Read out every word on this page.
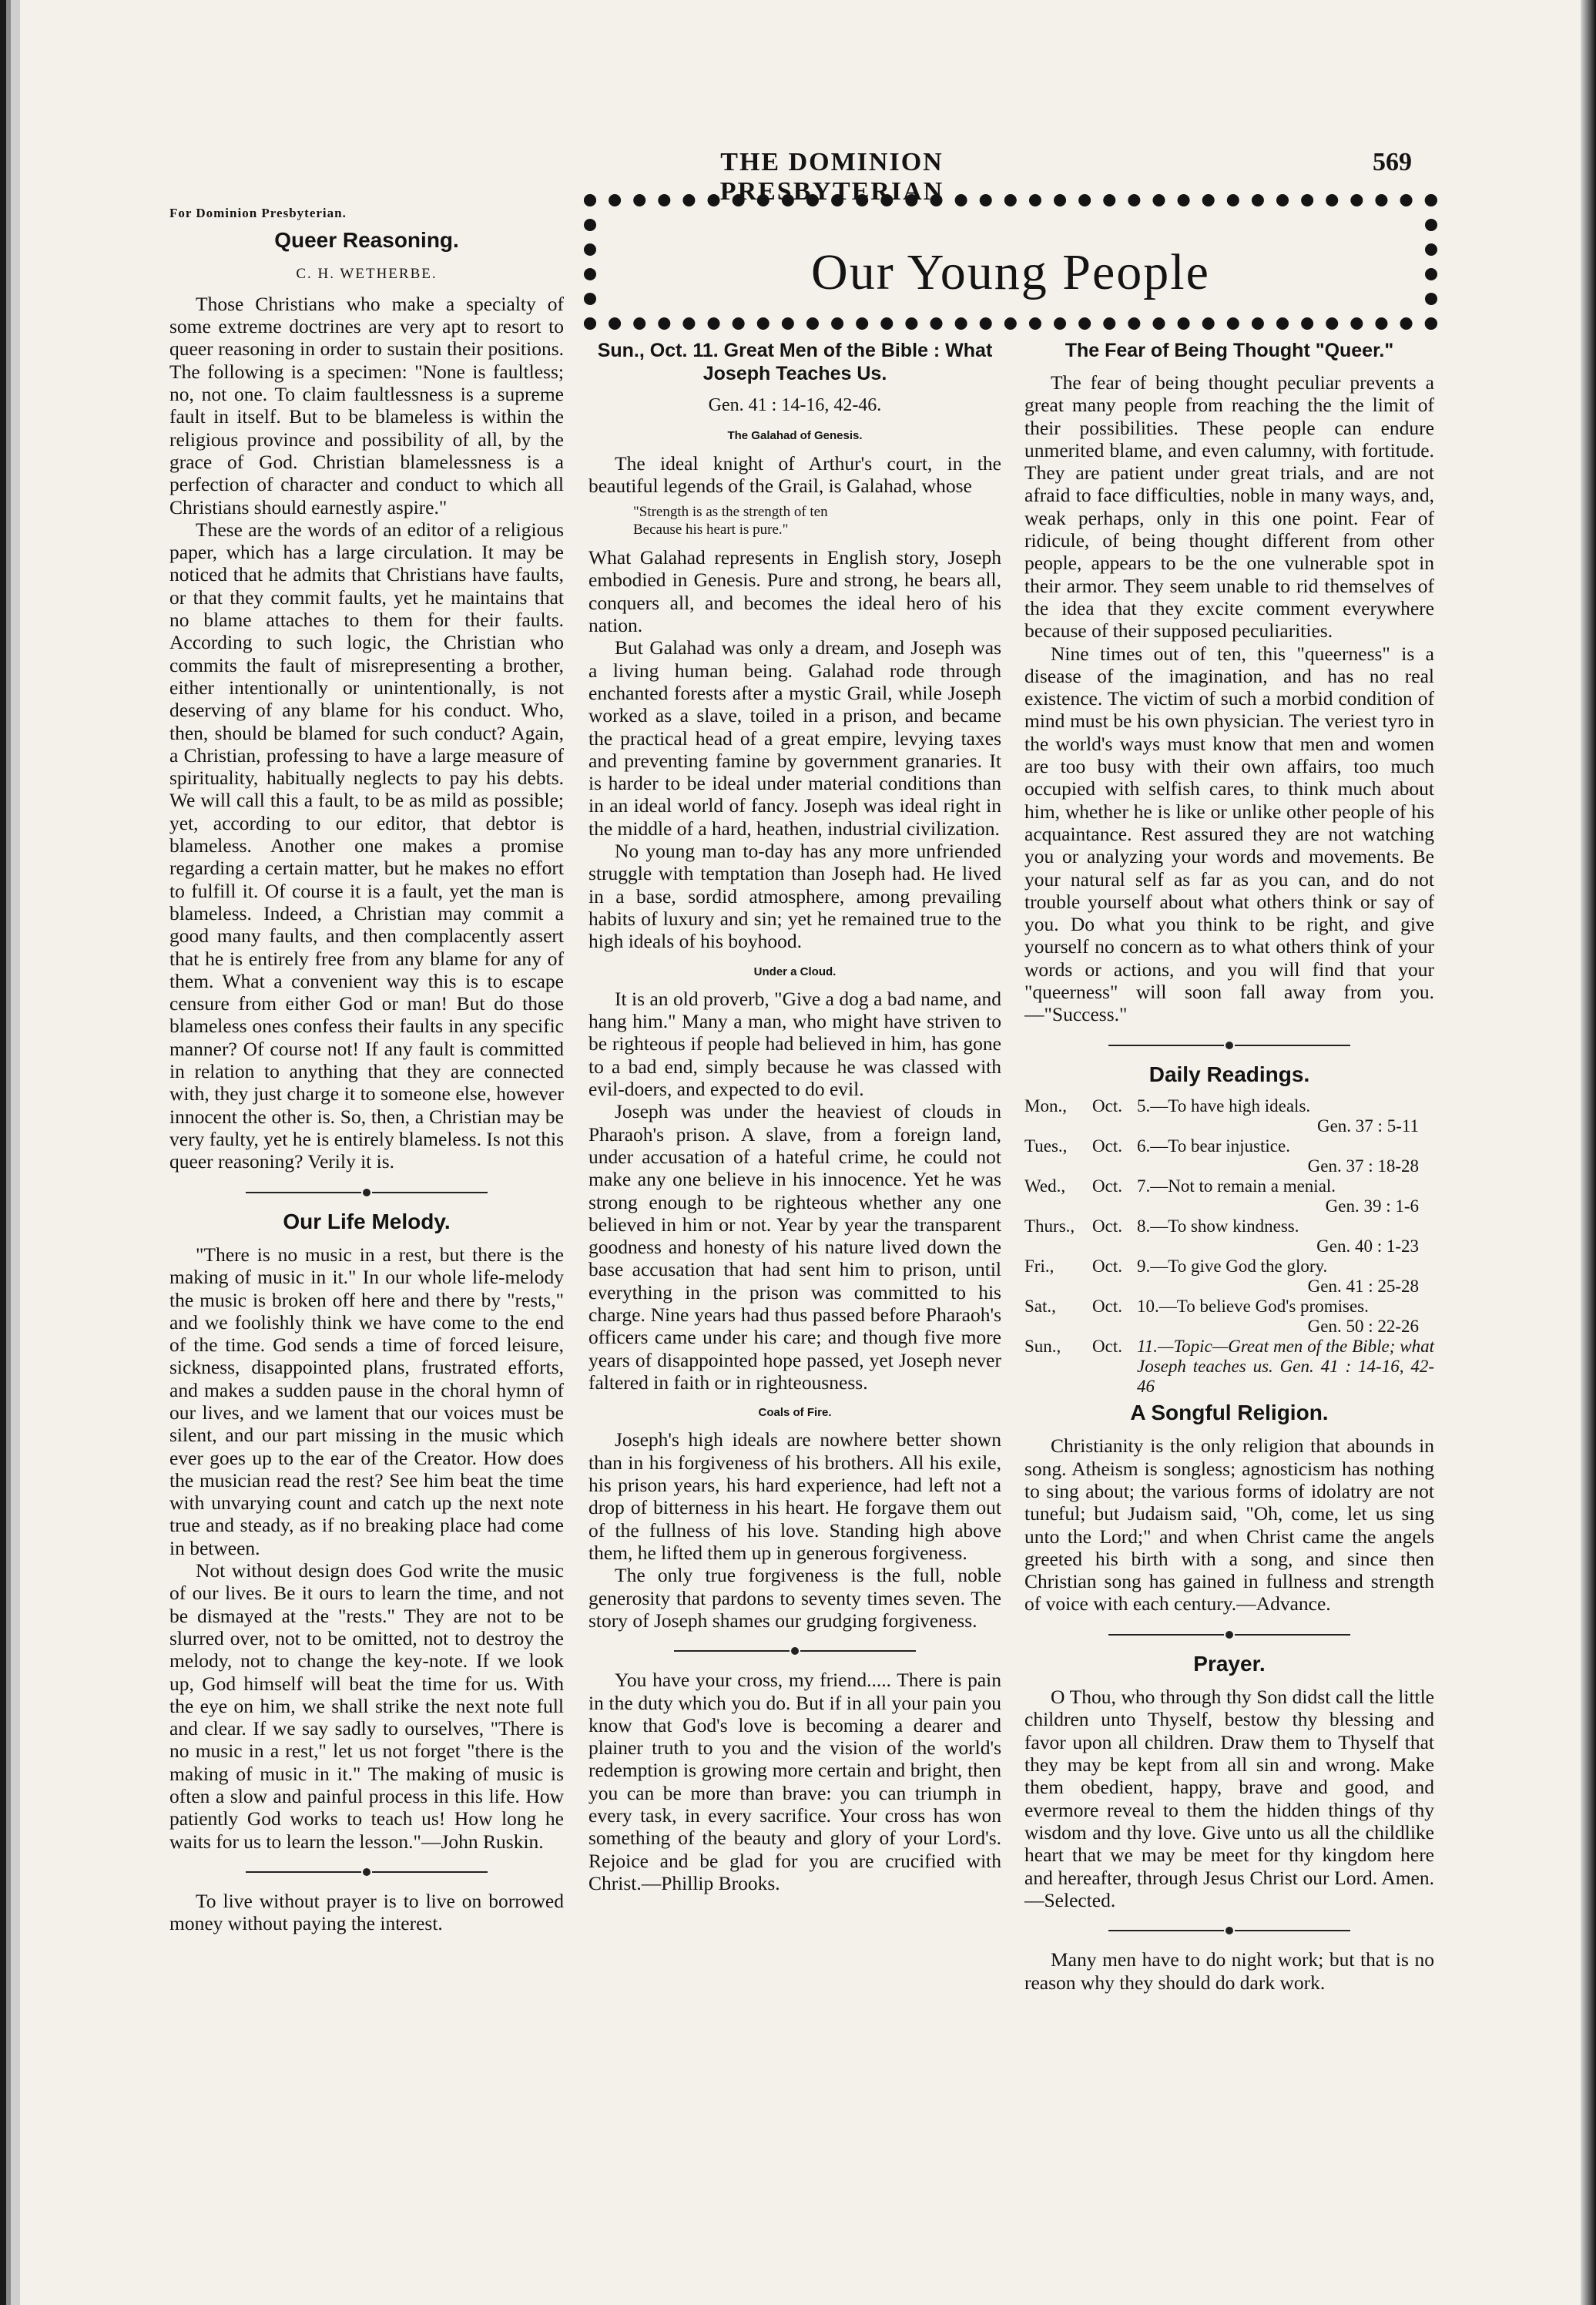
THE DOMINION PRESBYTERIAN
569
Our Young People
For Dominion Presbyterian.
Queer Reasoning.
C. H. WETHERBE.

Those Christians who make a specialty of some extreme doctrines are very apt to resort to queer reasoning in order to sustain their positions. The following is a specimen: "None is faultless; no, not one. To claim faultlessness is a supreme fault in itself. But to be blameless is within the religious province and possibility of all, by the grace of God. Christian blamelessness is a perfection of character and conduct to which all Christians should earnestly aspire."

These are the words of an editor of a religious paper, which has a large circulation. It may be noticed that he admits that Christians have faults, or that they commit faults, yet he maintains that no blame attaches to them for their faults. According to such logic, the Christian who commits the fault of misrepresenting a brother, either intentionally or unintentionally, is not deserving of any blame for his conduct. Who, then, should be blamed for such conduct? Again, a Christian, professing to have a large measure of spirituality, habitually neglects to pay his debts. We will call this a fault, to be as mild as possible; yet, according to our editor, that debtor is blameless. Another one makes a promise regarding a certain matter, but he makes no effort to fulfill it. Of course it is a fault, yet the man is blameless. Indeed, a Christian may commit a good many faults, and then complacently assert that he is entirely free from any blame for any of them. What a convenient way this is to escape censure from either God or man! But do those blameless ones confess their faults in any specific manner? Of course not! If any fault is committed in relation to anything that they are connected with, they just charge it to someone else, however innocent the other is. So, then, a Christian may be very faulty, yet he is entirely blameless. Is not this queer reasoning? Verily it is.

Our Life Melody.

"There is no music in a rest, but there is the making of music in it." In our whole life-melody the music is broken off here and there by "rests," and we foolishly think we have come to the end of the time. God sends a time of forced leisure, sickness, disappointed plans, frustrated efforts, and makes a sudden pause in the choral hymn of our lives, and we lament that our voices must be silent, and our part missing in the music which ever goes up to the ear of the Creator. How does the musician read the rest? See him beat the time with unvarying count and catch up the next note true and steady, as if no breaking place had come in between.

Not without design does God write the music of our lives. Be it ours to learn the time, and not be dismayed at the "rests." They are not to be slurred over, not to be omitted, not to destroy the melody, not to change the key-note. If we look up, God himself will beat the time for us. With the eye on him, we shall strike the next note full and clear. If we say sadly to ourselves, "There is no music in a rest," let us not forget "there is the making of music in it." The making of music is often a slow and painful process in this life. How patiently God works to teach us! How long he waits for us to learn the lesson."—John Ruskin.

To live without prayer is to live on borrowed money without paying the interest.

Sun., Oct. 11. Great Men of the Bible : What Joseph Teaches Us.
Gen. 41 : 14-16, 42-46.
The Galahad of Genesis.

The ideal knight of Arthur's court, in the beautiful legends of the Grail, is Galahad, whose

"Strength is as the strength of ten
Because his heart is pure."

What Galahad represents in English story, Joseph embodied in Genesis. Pure and strong, he bears all, conquers all, and becomes the ideal hero of his nation.

But Galahad was only a dream, and Joseph was a living human being. Galahad rode through enchanted forests after a mystic Grail, while Joseph worked as a slave, toiled in a prison, and became the practical head of a great empire, levying taxes and preventing famine by government granaries. It is harder to be ideal under material conditions than in an ideal world of fancy. Joseph was ideal right in the middle of a hard, heathen, industrial civilization.

No young man to-day has any more unfriended struggle with temptation than Joseph had. He lived in a base, sordid atmosphere, among prevailing habits of luxury and sin; yet he remained true to the high ideals of his boyhood.

Under a Cloud.

It is an old proverb, "Give a dog a bad name, and hang him." Many a man, who might have striven to be righteous if people had believed in him, has gone to a bad end, simply because he was classed with evil-doers, and expected to do evil.

Joseph was under the heaviest of clouds in Pharaoh's prison. A slave, from a foreign land, under accusation of a hateful crime, he could not make any one believe in his innocence. Yet he was strong enough to be righteous whether any one believed in him or not. Year by year the transparent goodness and honesty of his nature lived down the base accusation that had sent him to prison, until everything in the prison was committed to his charge. Nine years had thus passed before Pharaoh's officers came under his care; and though five more years of disappointed hope passed, yet Joseph never faltered in faith or in righteousness.

Coals of Fire.

Joseph's high ideals are nowhere better shown than in his forgiveness of his brothers. All his exile, his prison years, his hard experience, had left not a drop of bitterness in his heart. He forgave them out of the fullness of his love. Standing high above them, he lifted them up in generous forgiveness.

The only true forgiveness is the full, noble generosity that pardons to seventy times seven. The story of Joseph shames our grudging forgiveness.

You have your cross, my friend..... There is pain in the duty which you do. But if in all your pain you know that God's love is becoming a dearer and plainer truth to you and the vision of the world's redemption is growing more certain and bright, then you can be more than brave: you can triumph in every task, in every sacrifice. Your cross has won something of the beauty and glory of your Lord's. Rejoice and be glad for you are crucified with Christ.—Phillip Brooks.

The Fear of Being Thought "Queer."

The fear of being thought peculiar prevents a great many people from reaching the the limit of their possibilities. These people can endure unmerited blame, and even calumny, with fortitude. They are patient under great trials, and are not afraid to face difficulties, noble in many ways, and, weak perhaps, only in this one point. Fear of ridicule, of being thought different from other people, appears to be the one vulnerable spot in their armor. They seem unable to rid themselves of the idea that they excite comment everywhere because of their supposed peculiarities.

Nine times out of ten, this "queerness" is a disease of the imagination, and has no real existence. The victim of such a morbid condition of mind must be his own physician. The veriest tyro in the world's ways must know that men and women are too busy with their own affairs, too much occupied with selfish cares, to think much about him, whether he is like or unlike other people of his acquaintance. Rest assured they are not watching you or analyzing your words and movements. Be your natural self as far as you can, and do not trouble yourself about what others think or say of you. Do what you think to be right, and give yourself no concern as to what others think of your words or actions, and you will find that your "queerness" will soon fall away from you.—"Success."

Daily Readings.
Mon.,	Oct. 5.—To have high ideals.
Gen. 37 : 5-11
Tues.,	Oct. 6.—To bear injustice.
Gen. 37 : 18-28
Wed.,	Oct. 7.—Not to remain a menial.
Gen. 39 : 1-6
Thurs., Oct. 8.—To show kindness.
Gen. 40 : 1-23
Fri.,	Oct. 9.—To give God the glory.
Gen. 41 : 25-28
Sat.,	Oct. 10.—To believe God's promises.
Gen. 50 : 22-26
Sun.,	Oct. 11.—Topic—Great men of the Bible; what Joseph teaches us. Gen. 41 : 14-16, 42-46
A Songful Religion.

Christianity is the only religion that abounds in song. Atheism is songless; agnosticism has nothing to sing about; the various forms of idolatry are not tuneful; but Judaism said, "Oh, come, let us sing unto the Lord;" and when Christ came the angels greeted his birth with a song, and since then Christian song has gained in fullness and strength of voice with each century.—Advance.

Prayer.

O Thou, who through thy Son didst call the little children unto Thyself, bestow thy blessing and favor upon all children. Draw them to Thyself that they may be kept from all sin and wrong. Make them obedient, happy, brave and good, and evermore reveal to them the hidden things of thy wisdom and thy love. Give unto us all the childlike heart that we may be meet for thy kingdom here and hereafter, through Jesus Christ our Lord. Amen.—Selected.

Many men have to do night work; but that is no reason why they should do dark work.
